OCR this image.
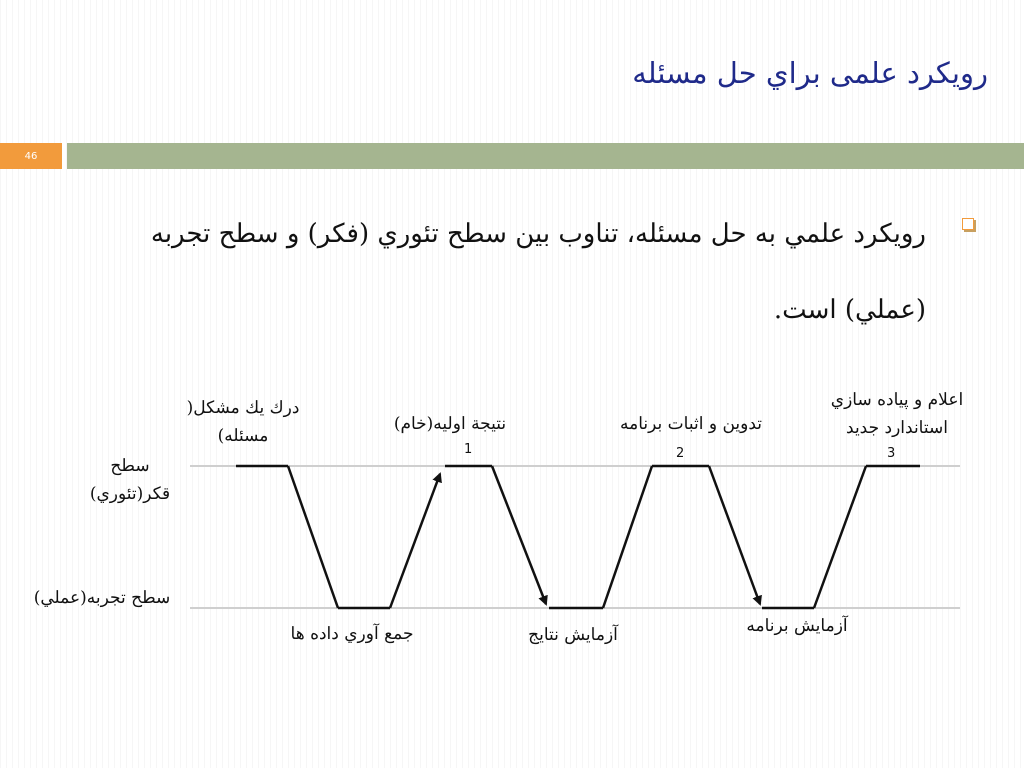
رويكرد علمی براي حل مسئله
46
رويكرد علمي به حل مسئله، تناوب بين سطح تئوري (فكر) و سطح تجربه (عملي) است.
سطح
قكر(تئوري)
سطح تجربه(عملي)
درك يك مشكل(
مسئله)
نتيجة اوليه(خام)
1
تدوين و اثبات برنامه
2
اعلام و پياده سازي
استاندارد جديد
3
جمع آوري داده ها	آزمايش نتايج	آزمايش برنامه
